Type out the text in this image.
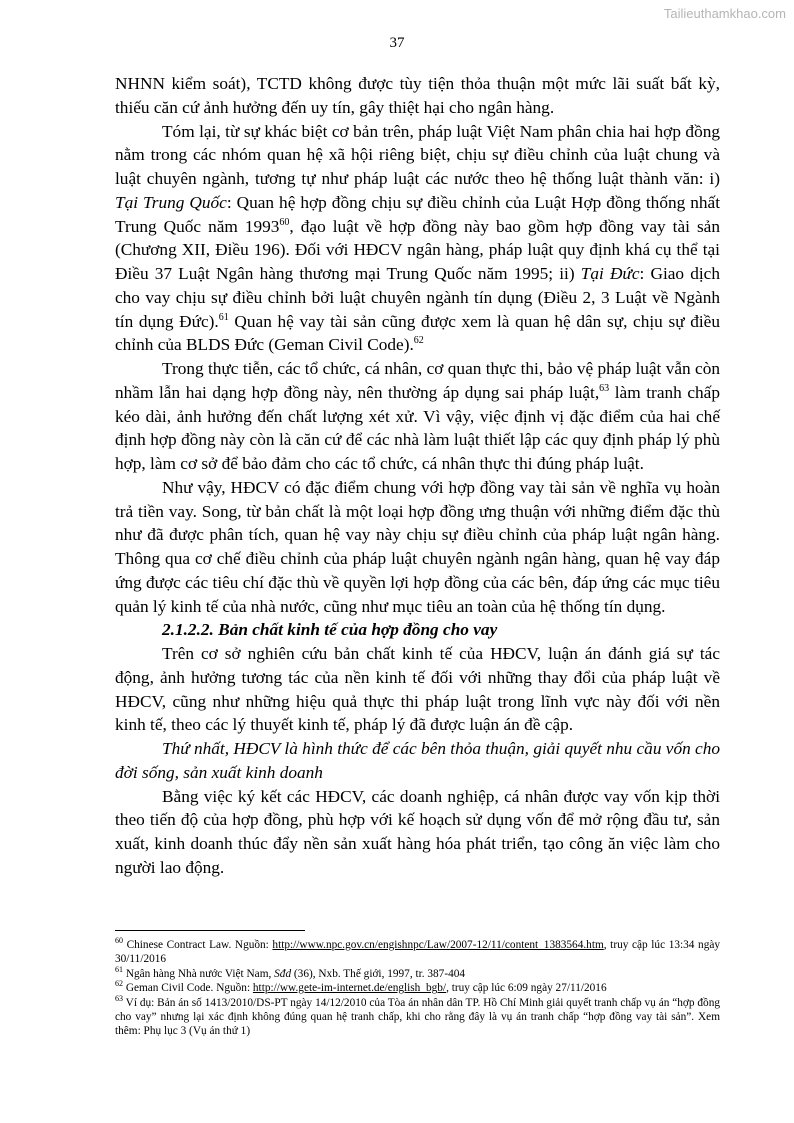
Tailieuthamkhao.com
37

NHNN kiểm soát), TCTD không được tùy tiện thỏa thuận một mức lãi suất bất kỳ, thiếu căn cứ ảnh hưởng đến uy tín, gây thiệt hại cho ngân hàng.

Tóm lại, từ sự khác biệt cơ bản trên, pháp luật Việt Nam phân chia hai hợp đồng nằm trong các nhóm quan hệ xã hội riêng biệt, chịu sự điều chỉnh của luật chung và luật chuyên ngành, tương tự như pháp luật các nước theo hệ thống luật thành văn: i) Tại Trung Quốc: Quan hệ hợp đồng chịu sự điều chỉnh của Luật Hợp đồng thống nhất Trung Quốc năm 1993$^{60}$, đạo luật về hợp đồng này bao gồm hợp đồng vay tài sản (Chương XII, Điều 196). Đối với HĐCV ngân hàng, pháp luật quy định khá cụ thể tại Điều 37 Luật Ngân hàng thương mại Trung Quốc năm 1995; ii) Tại Đức: Giao dịch cho vay chịu sự điều chỉnh bởi luật chuyên ngành tín dụng (Điều 2, 3 Luật về Ngành tín dụng Đức).$^{61}$ Quan hệ vay tài sản cũng được xem là quan hệ dân sự, chịu sự điều chỉnh của BLDS Đức (Geman Civil Code).$^{62}$

Trong thực tiễn, các tổ chức, cá nhân, cơ quan thực thi, bảo vệ pháp luật vẫn còn nhầm lẫn hai dạng hợp đồng này, nên thường áp dụng sai pháp luật,$^{63}$ làm tranh chấp kéo dài, ảnh hưởng đến chất lượng xét xử. Vì vậy, việc định vị đặc điểm của hai chế định hợp đồng này còn là căn cứ để các nhà làm luật thiết lập các quy định pháp lý phù hợp, làm cơ sở để bảo đảm cho các tổ chức, cá nhân thực thi đúng pháp luật.

Như vậy, HĐCV có đặc điểm chung với hợp đồng vay tài sản về nghĩa vụ hoàn trả tiền vay. Song, từ bản chất là một loại hợp đồng ưng thuận với những điểm đặc thù như đã được phân tích, quan hệ vay này chịu sự điều chỉnh của pháp luật ngân hàng. Thông qua cơ chế điều chỉnh của pháp luật chuyên ngành ngân hàng, quan hệ vay đáp ứng được các tiêu chí đặc thù về quyền lợi hợp đồng của các bên, đáp ứng các mục tiêu quản lý kinh tế của nhà nước, cũng như mục tiêu an toàn của hệ thống tín dụng.

2.1.2.2. Bản chất kinh tế của hợp đồng cho vay

Trên cơ sở nghiên cứu bản chất kinh tế của HĐCV, luận án đánh giá sự tác động, ảnh hưởng tương tác của nền kinh tế đối với những thay đổi của pháp luật về HĐCV, cũng như những hiệu quả thực thi pháp luật trong lĩnh vực này đối với nền kinh tế, theo các lý thuyết kinh tế, pháp lý đã được luận án đề cập.

Thứ nhất, HĐCV là hình thức để các bên thỏa thuận, giải quyết nhu cầu vốn cho đời sống, sản xuất kinh doanh

Bằng việc ký kết các HĐCV, các doanh nghiệp, cá nhân được vay vốn kịp thời theo tiến độ của hợp đồng, phù hợp với kế hoạch sử dụng vốn để mở rộng đầu tư, sản xuất, kinh doanh thúc đẩy nền sản xuất hàng hóa phát triển, tạo công ăn việc làm cho người lao động.

$^{60}$ Chinese Contract Law. Nguồn: http://www.npc.gov.cn/engishnpc/Law/2007-12/11/content_1383564.htm, truy cập lúc 13:34 ngày 30/11/2016

$^{61}$ Ngân hàng Nhà nước Việt Nam, Sđd (36), Nxb. Thế giới, 1997, tr. 387-404

$^{62}$ Geman Civil Code. Nguồn: http://ww.gete-im-internet.de/english_bgb/, truy cập lúc 6:09 ngày 27/11/2016

$^{63}$ Ví dụ: Bản án số 1413/2010/DS-PT ngày 14/12/2010 của Tòa án nhân dân TP. Hồ Chí Minh giải quyết tranh chấp vụ án “hợp đồng cho vay” nhưng lại xác định không đúng quan hệ tranh chấp, khi cho rằng đây là vụ án tranh chấp “hợp đồng vay tài sản”. Xem thêm: Phụ lục 3 (Vụ án thứ 1)
